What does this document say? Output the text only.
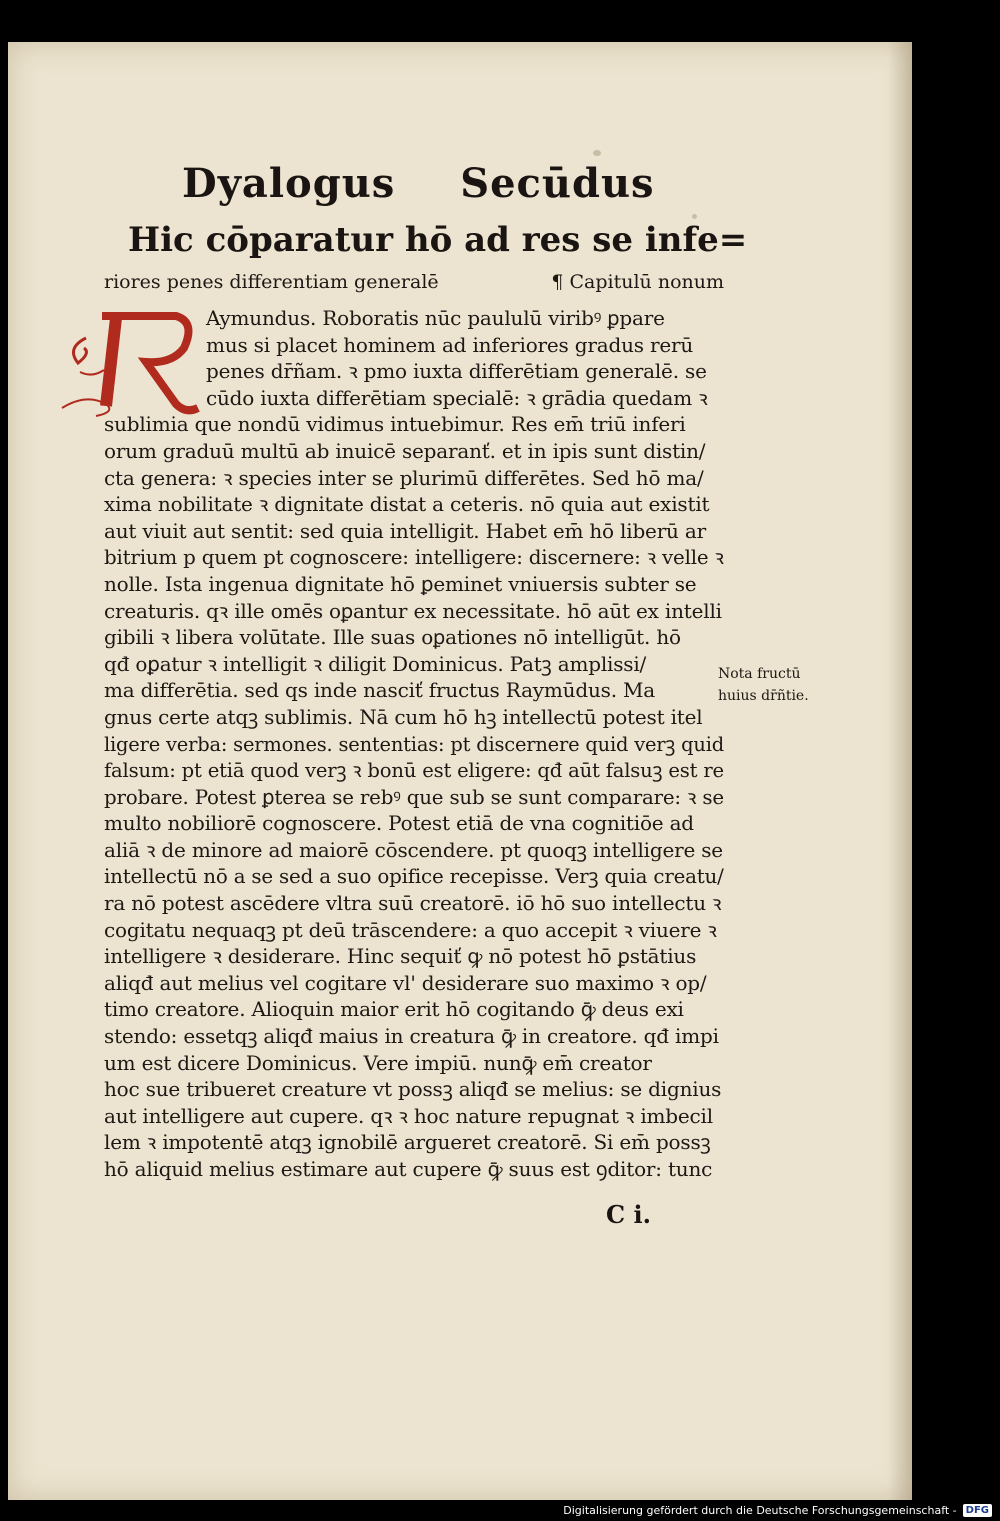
Dyalogus Secūdus
Hic cōparatur hō ad res se infe=
riores penes differentiam generalē	¶ Capitulū nonum
Aymundus. Roboratis nūc paululū viribꝰ ꝑpare
mus si placet hominem ad inferiores gradus rerū
penes dr̄ñam. ꝛ pmo iuxta differētiam generalē. se
cūdo iuxta differētiam specialē: ꝛ grādia quedam ꝛ
sublimia que nondū vidimus intuebimur. Res em̄ triū inferi
orum graduū multū ab inuicē separanť. et in ipis sunt distin/
cta genera: ꝛ species inter se plurimū differētes. Sed hō ma/
xima nobilitate ꝛ dignitate distat a ceteris. nō quia aut existit
aut viuit aut sentit: sed quia intelligit. Habet em̄ hō liberū ar
bitrium p quem pt cognoscere: intelligere: discernere: ꝛ velle ꝛ
nolle. Ista ingenua dignitate hō ꝑeminet vniuersis subter se
creaturis. qꝛ ille omēs oꝑantur ex necessitate. hō aūt ex intelli
gibili ꝛ libera volūtate. Ille suas oꝑationes nō intelligūt. hō
qđ oꝑatur ꝛ intelligit ꝛ diligit Dominicus. Patꝫ amplissi/
ma differētia. sed qs inde nasciť fructus Raymūdus. Ma
gnus certe atqꝫ sublimis. Nā cum hō hꝫ intellectū potest itel
ligere verba: sermones. sententias: pt discernere quid verꝫ quid
falsum: pt etiā quod verꝫ ꝛ bonū est eligere: qđ aūt falsuꝫ est re
probare. Potest ꝑterea se rebꝰ que sub se sunt comparare: ꝛ se
multo nobiliorē cognoscere. Potest etiā de vna cognitiōe ad
aliā ꝛ de minore ad maiorē cōscendere. pt quoqꝫ intelligere se
intellectū nō a se sed a suo opifice recepisse. Verꝫ quia creatu/
ra nō potest ascēdere vltra suū creatorē. iō hō suo intellectu ꝛ
cogitatu nequaqꝫ pt deū trāscendere: a quo accepit ꝛ viuere ꝛ
intelligere ꝛ desiderare. Hinc sequiť ꝙ nō potest hō ꝑstātius
aliqđ aut melius vel cogitare vl' desiderare suo maximo ꝛ op/
timo creatore. Alioquin maior erit hō cogitando ꝙ̄ deus exi
stendo: essetqꝫ aliqđ maius in creatura ꝙ̄ in creatore. qđ impi
um est dicere Dominicus. Vere impiū. nunꝙ̄ em̄ creator
hoc sue tribueret creature vt possꝫ aliqđ se melius: se dignius
aut intelligere aut cupere. qꝛ ꝛ hoc nature repugnat ꝛ imbecil
lem ꝛ impotentē atqꝫ ignobilē argueret creatorē. Si em̄ possꝫ
hō aliquid melius estimare aut cupere ꝙ̄ suus est ꝯditor: tunc
Nota fructū
huius dr̄ñtie.
C i.
Digitalisierung gefördert durch die Deutsche Forschungsgemeinschaft - DFG
